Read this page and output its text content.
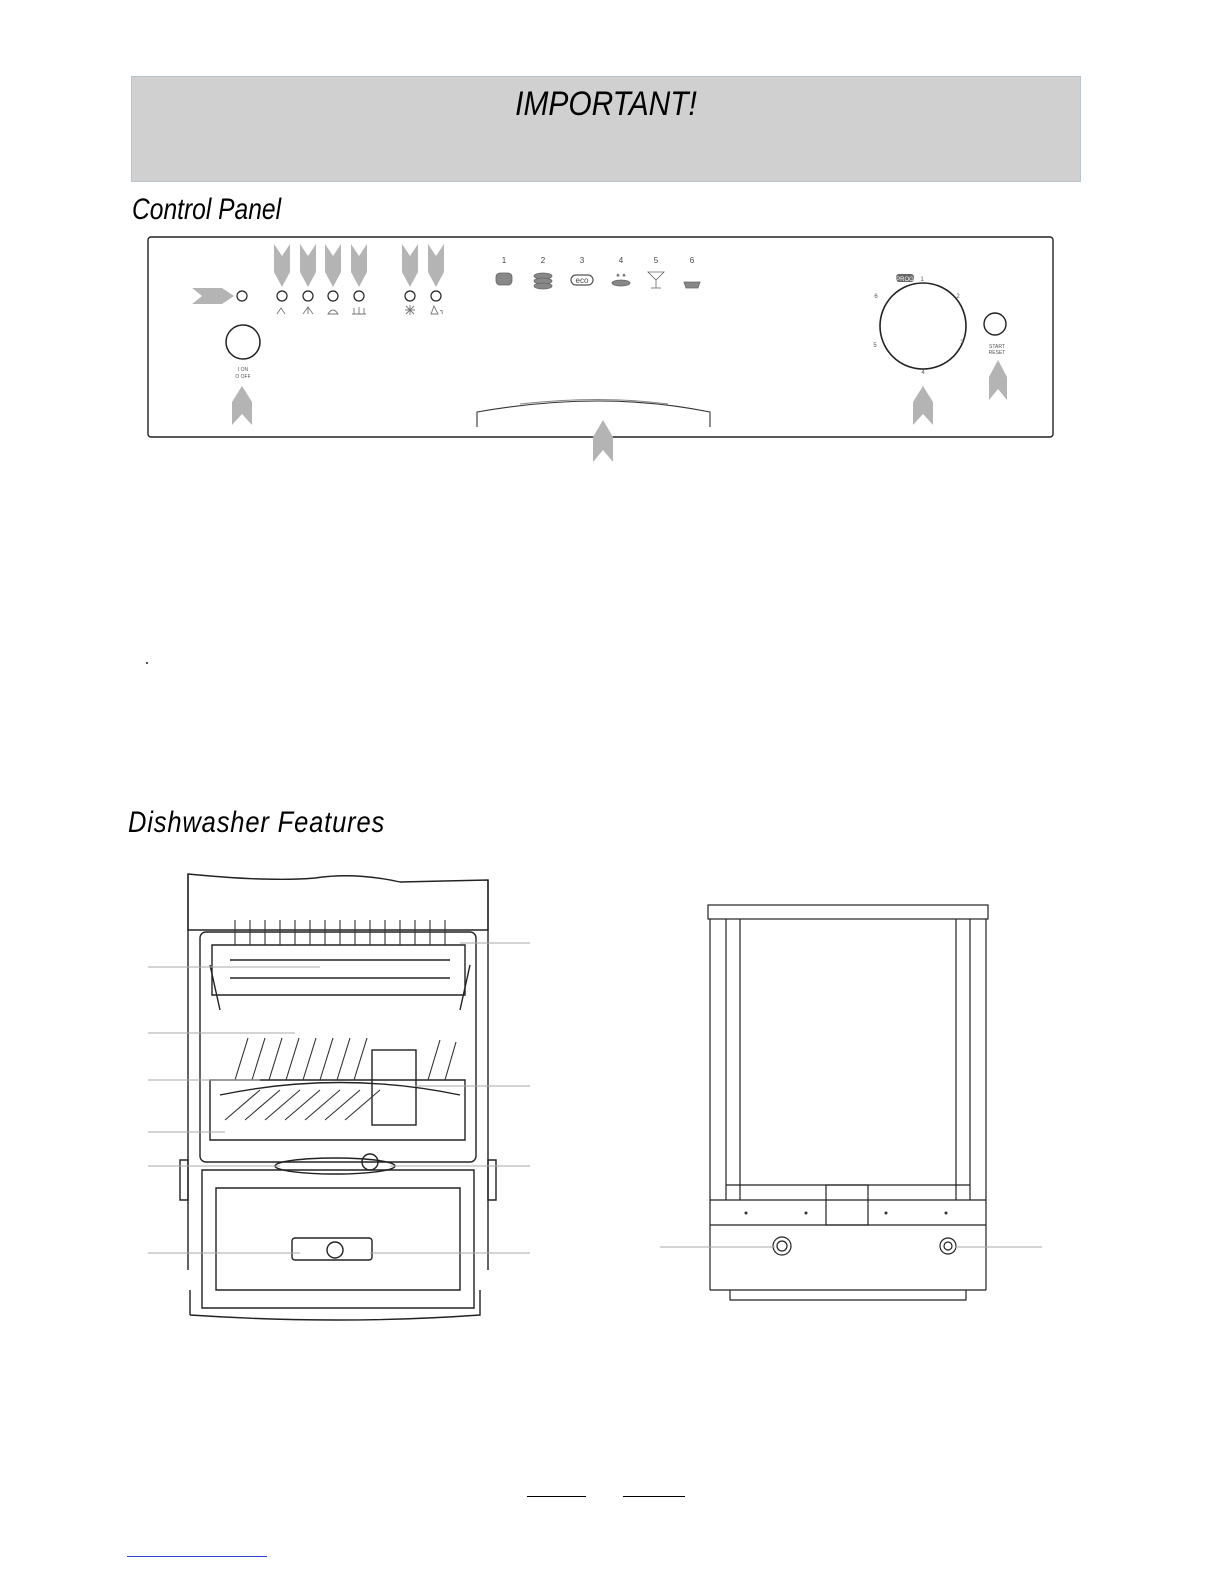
IMPORTANT!
Control Panel
1	2	3	4	5	6
eco
I ON
O OFF
PROG 1
2
3
4
5
6
START
RESET
Dishwasher Features
